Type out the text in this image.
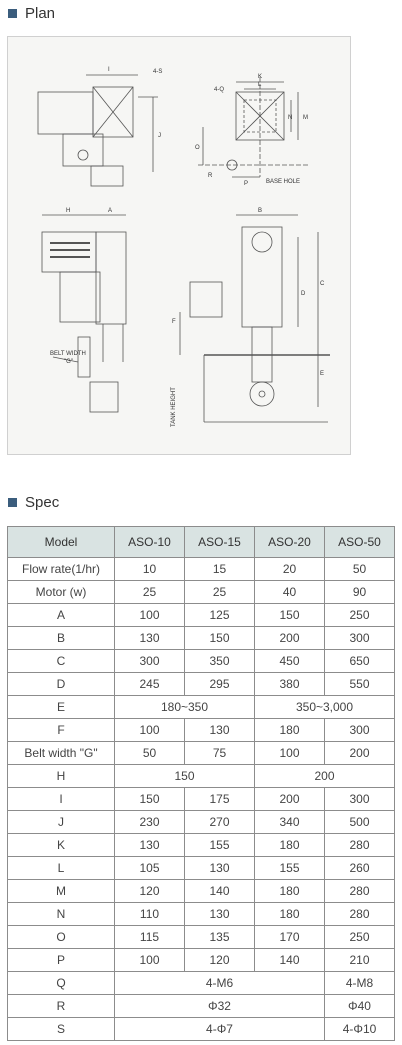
Plan
I	4-S
J
K
L
4-Q
N M
O
R
P	BASE HOLE
H	A	B
D
C
F
E
BELT WIDTH
"G"
TANK HEIGHT
Spec
Model	ASO-10	ASO-15	ASO-20	ASO-50
Flow rate(1/hr)	10	15	20	50
Motor (w)	25	25	40	90
A	100	125	150	250
B	130	150	200	300
C	300	350	450	650
D	245	295	380	550
E	180~350		350~3,000	
F	100	130	180	300
Belt width "G"	50	75	100	200
H	150		200	
I	150	175	200	300
J	230	270	340	500
K	130	155	180	280
L	105	130	155	260
M	120	140	180	280
N	110	130	180	280
O	115	135	170	250
P	100	120	140	210
Q	4-M6			4-M8
R	Φ32			Φ40
S	4-Φ7			4-Φ10
